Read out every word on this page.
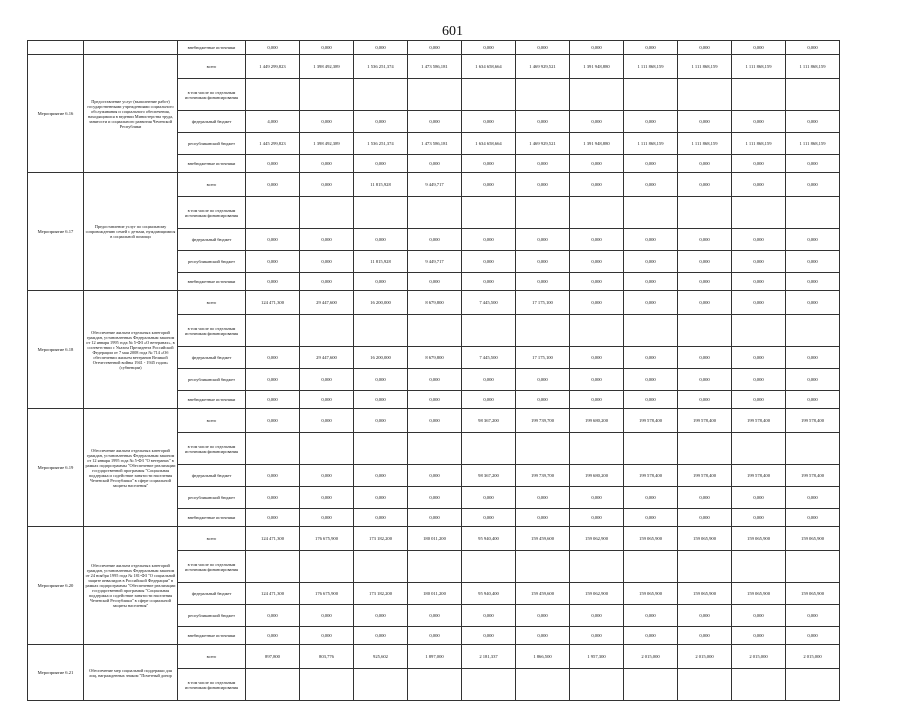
601
		внебюджетные источники	0,000	0,000	0,000	0,000	0,000	0,000	0,000	0,000	0,000	0,000	0,000
Мероприятие 6.16	Предоставление услуг (выполнение работ) государственными учреждениями социального обслуживания и социального обеспечения, находящимися в ведении Министерства труда, занятости и социального развития Чеченской Республики	всего	1 449 299,823	1 398 492,389	1 536 251,374	1 473 586,181	1 634 658,664	1 469 929,521	1 391 948,880	1 111 868,159	1 111 868,159	1 111 868,159	1 111 868,159
		в том числе по отдельным источникам финансирования											
		федеральный бюджет	4,000	0,000	0,000	0,000	0,000	0,000	0,000	0,000	0,000	0,000	0,000
		республиканский бюджет	1 445 299,823	1 398 492,389	1 536 251,374	1 473 586,181	1 634 658,664	1 469 929,521	1 391 948,880	1 111 868,159	1 111 868,159	1 111 868,159	1 111 868,159
		внебюджетные источники	0,000	0,000	0,000	0,000	0,000	0,000	0,000	0,000	0,000	0,000	0,000
Мероприятие 6.17	Предоставление услуг по социальному сопровождению семей с детьми, нуждающимися в социальной помощи	всего	0,000	0,000	11 815,928	9 449,717	0,000	0,000	0,000	0,000	0,000	0,000	0,000
		в том числе по отдельным источникам финансирования											
		федеральный бюджет	0,000	0,000	0,000	0,000	0,000	0,000	0,000	0,000	0,000	0,000	0,000
		республиканский бюджет	0,000	0,000	11 815,928	9 449,717	0,000	0,000	0,000	0,000	0,000	0,000	0,000
		внебюджетные источники	0,000	0,000	0,000	0,000	0,000	0,000	0,000	0,000	0,000	0,000	0,000
Мероприятие 6.18	Обеспечение жильем отдельных категорий граждан, установленных Федеральным законом от 12 января 1995 года № 5-ФЗ «О ветеранах», в соответствии с Указом Президента Российской Федерации от 7 мая 2008 года № 714 «Об обеспечении жильем ветеранов Великой Отечественной войны 1941 - 1945 годов» (субвенции)	всего	124 471,300	29 447,600	16 200,000	8 679,800	7 445,500	17 175,100	0,000	0,000	0,000	0,000	0,000
		в том числе по отдельным источникам финансирования											
		федеральный бюджет	0,000	29 447,600	16 200,000	8 679,800	7 445,500	17 175,100	0,000	0,000	0,000	0,000	0,000
		республиканский бюджет	0,000	0,000	0,000	0,000	0,000	0,000	0,000	0,000	0,000	0,000	0,000
		внебюджетные источники	0,000	0,000	0,000	0,000	0,000	0,000	0,000	0,000	0,000	0,000	0,000
Мероприятие 6.19	Обеспечение жильем отдельных категорий граждан, установленных Федеральным законом от 12 января 1995 года № 5-ФЗ "О ветеранах" в рамках подпрограммы "Обеспечение реализации государственной программы "Социальная поддержка и содействие занятости населения Чеченской Республики" в сфере социальной защиты населения"	всего	0,000	0,000	0,000	0,000	98 367,200	199 739,700	199 680,200	199 578,400	199 578,400	199 578,400	199 578,400
		в том числе по отдельным источникам финансирования											
		федеральный бюджет	0,000	0,000	0,000	0,000	98 367,200	199 739,700	199 680,200	199 578,400	199 578,400	199 578,400	199 578,400
		республиканский бюджет	0,000	0,000	0,000	0,000	0,000	0,000	0,000	0,000	0,000	0,000	0,000
		внебюджетные источники	0,000	0,000	0,000	0,000	0,000	0,000	0,000	0,000	0,000	0,000	0,000
Мероприятие 6.20	Обеспечение жильем отдельных категорий граждан, установленных Федеральным законом от 24 ноября 1995 года № 181-ФЗ "О социальной защите инвалидов в Российской Федерации" в рамках подпрограммы "Обеспечение реализации государственной программы "Социальная поддержка и содействие занятости населения Чеченской Республики" в сфере социальной защиты населения"	всего	124 471,300	176 675,900	173 182,200	180 011,200	95 940,400	159 459,600	159 062,900	159 065,900	159 065,900	159 065,900	159 065,900
		в том числе по отдельным источникам финансирования											
		федеральный бюджет	124 471,300	176 675,900	173 182,200	180 011,200	95 940,400	159 459,600	159 062,900	159 065,900	159 065,900	159 065,900	159 065,900
		республиканский бюджет	0,000	0,000	0,000	0,000	0,000	0,000	0,000	0,000	0,000	0,000	0,000
		внебюджетные источники	0,000	0,000	0,000	0,000	0,000	0,000	0,000	0,000	0,000	0,000	0,000
Мероприятие 6.21	Обеспечение мер социальной поддержки для лиц, награжденных знаком "Почетный донор	всего	897,800	803,776	925,602	1 897,000	2 181,337	1 866,500	1 957,300	2 015,000	2 015,000	2 015,000	2 015,000
		в том числе по отдельным источникам финансирования											
